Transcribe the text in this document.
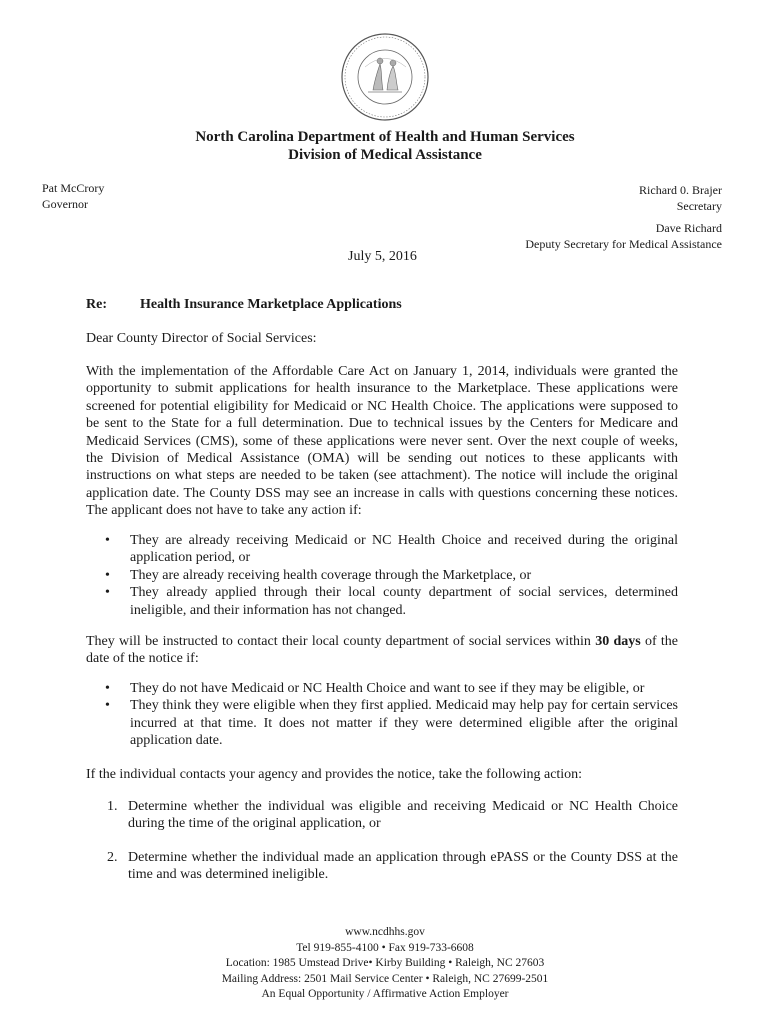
North Carolina Department of Health and Human Services
Division of Medical Assistance
Pat McCrory
Governor
Richard 0. Brajer
Secretary
Dave Richard
Deputy Secretary for Medical Assistance
July 5, 2016
Re: Health Insurance Marketplace Applications
Dear County Director of Social Services:
With the implementation of the Affordable Care Act on January 1, 2014, individuals were granted the opportunity to submit applications for health insurance to the Marketplace. These applications were screened for potential eligibility for Medicaid or NC Health Choice. The applications were supposed to be sent to the State for a full determination. Due to technical issues by the Centers for Medicare and Medicaid Services (CMS), some of these applications were never sent. Over the next couple of weeks, the Division of Medical Assistance (OMA) will be sending out notices to these applicants with instructions on what steps are needed to be taken (see attachment). The notice will include the original application date. The County DSS may see an increase in calls with questions concerning these notices. The applicant does not have to take any action if:
• They are already receiving Medicaid or NC Health Choice and received during the original application period, or
• They are already receiving health coverage through the Marketplace, or
• They already applied through their local county department of social services, determined ineligible, and their information has not changed.
They will be instructed to contact their local county department of social services within 30 days of the date of the notice if:
• They do not have Medicaid or NC Health Choice and want to see if they may be eligible, or
• They think they were eligible when they first applied. Medicaid may help pay for certain services incurred at that time. It does not matter if they were determined eligible after the original application date.
If the individual contacts your agency and provides the notice, take the following action:
1. Determine whether the individual was eligible and receiving Medicaid or NC Health Choice during the time of the original application, or
2. Determine whether the individual made an application through ePASS or the County DSS at the time and was determined ineligible.
www.ncdhhs.gov
Tel 919-855-4100 • Fax 919-733-6608
Location: 1985 Umstead Drive• Kirby Building • Raleigh, NC 27603
Mailing Address: 2501 Mail Service Center • Raleigh, NC 27699-2501
An Equal Opportunity / Affirmative Action Employer
